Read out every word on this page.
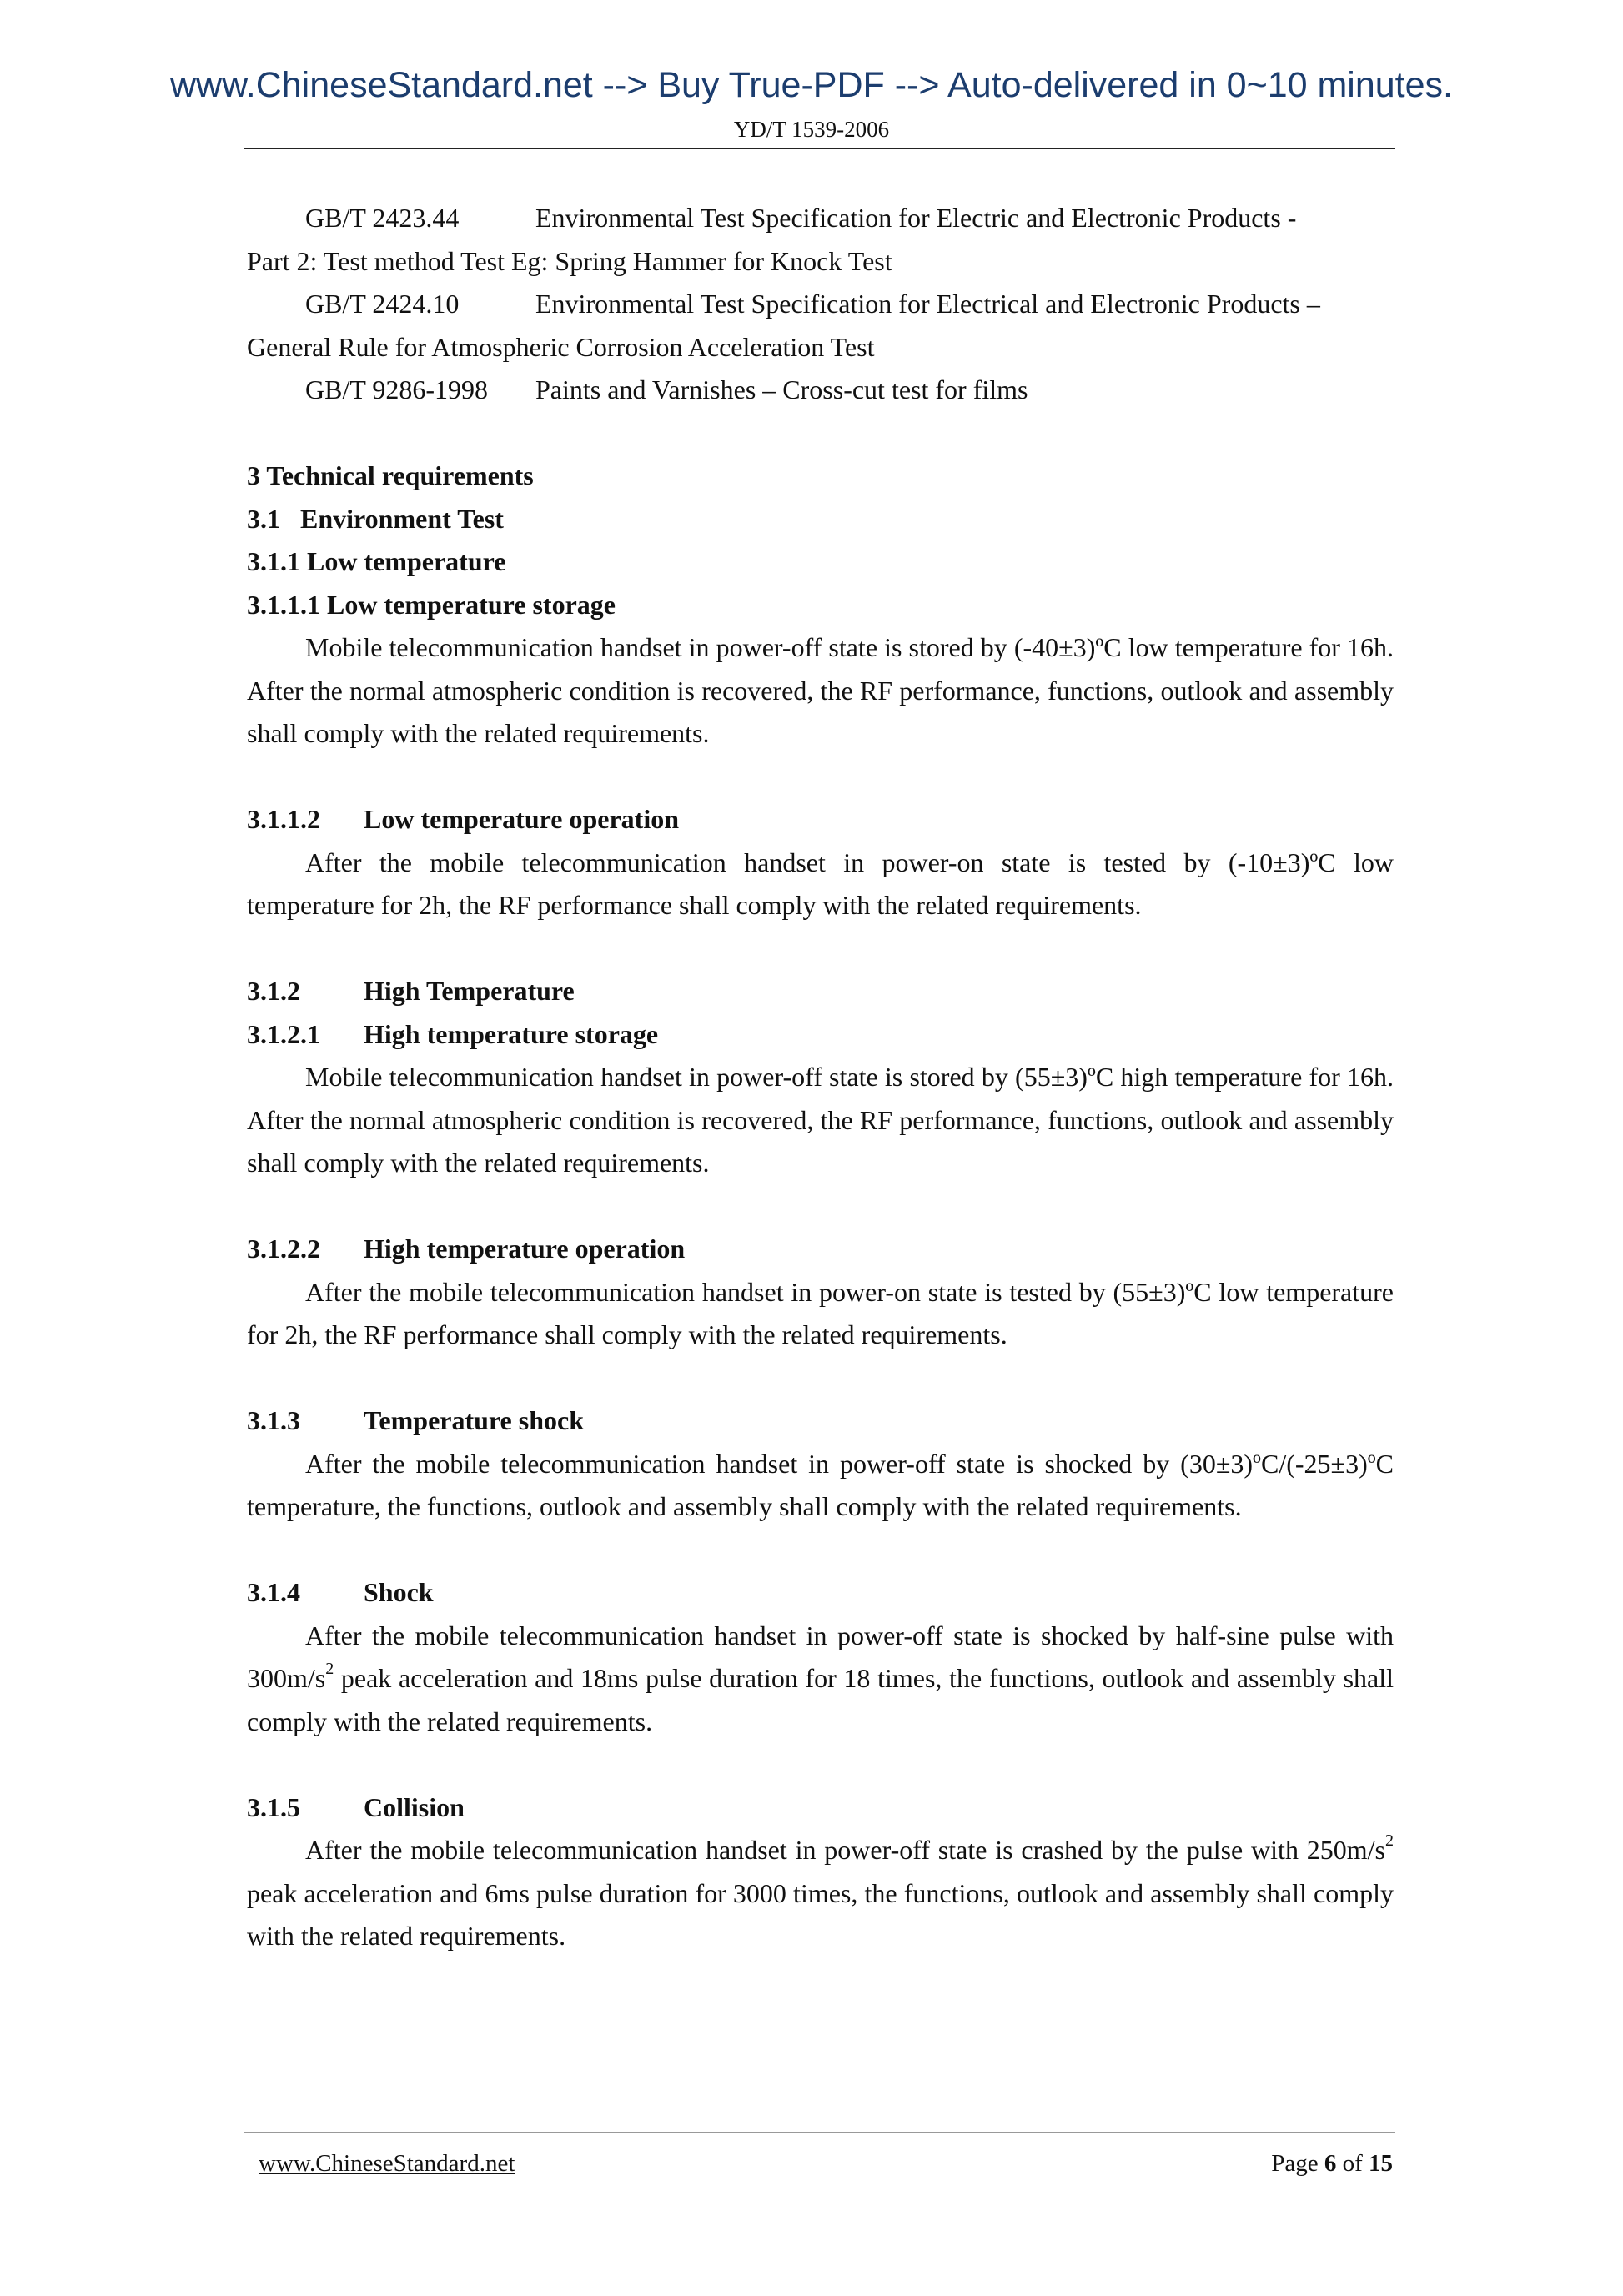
www.ChineseStandard.net --> Buy True-PDF --> Auto-delivered in 0~10 minutes.
YD/T 1539-2006

GB/T 2423.44	Environmental Test Specification for Electric and Electronic Products -

Part 2: Test method Test Eg: Spring Hammer for Knock Test

GB/T 2424.10	Environmental Test Specification for Electrical and Electronic Products –

General Rule for Atmospheric Corrosion Acceleration Test

GB/T 9286-1998 Paints and Varnishes – Cross-cut test for films

3 Technical requirements

3.1 Environment Test

3.1.1 Low temperature

3.1.1.1 Low temperature storage

Mobile telecommunication handset in power-off state is stored by (-40±3)ºC low temperature for 16h. After the normal atmospheric condition is recovered, the RF performance, functions, outlook and assembly shall comply with the related requirements.

3.1.1.2 Low temperature operation

After the mobile telecommunication handset in power-on state is tested by (-10±3)ºC low temperature for 2h, the RF performance shall comply with the related requirements.

3.1.2 High Temperature

3.1.2.1 High temperature storage

Mobile telecommunication handset in power-off state is stored by (55±3)ºC high temperature for 16h. After the normal atmospheric condition is recovered, the RF performance, functions, outlook and assembly shall comply with the related requirements.

3.1.2.2 High temperature operation

After the mobile telecommunication handset in power-on state is tested by (55±3)ºC low temperature for 2h, the RF performance shall comply with the related requirements.

3.1.3 Temperature shock

After the mobile telecommunication handset in power-off state is shocked by (30±3)ºC/(-25±3)ºC temperature, the functions, outlook and assembly shall comply with the related requirements.

3.1.4 Shock

After the mobile telecommunication handset in power-off state is shocked by half-sine pulse with $300m/s^2$ peak acceleration and 18ms pulse duration for 18 times, the functions, outlook and assembly shall comply with the related requirements.

3.1.5 Collision

After the mobile telecommunication handset in power-off state is crashed by the pulse with $250m/s^2$ peak acceleration and 6ms pulse duration for 3000 times, the functions, outlook and assembly shall comply with the related requirements.

www.ChineseStandard.net	Page 6 of 15
